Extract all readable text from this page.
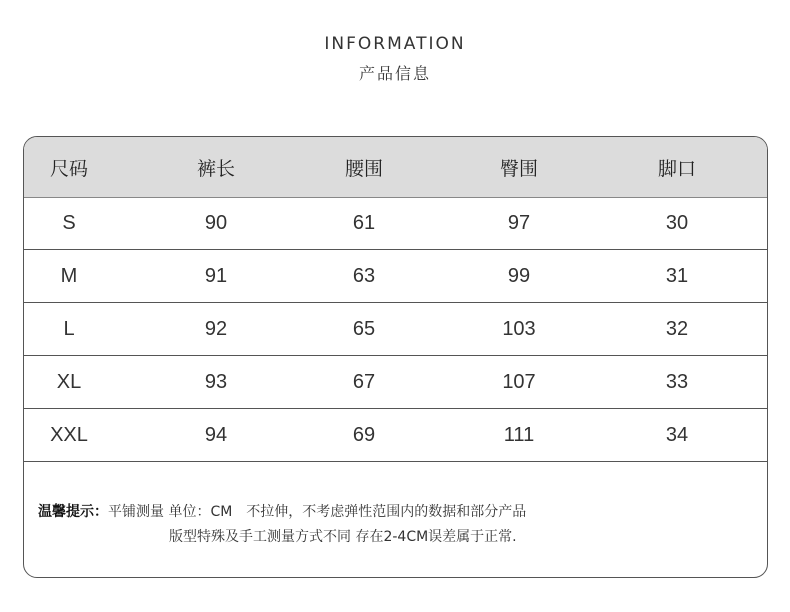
INFORMATION
产品信息
尺码	裤长	腰围	臀围	脚口
S	90	61	97	30
M	91	63	99	31
L	92	65	103	32
XL	93	67	107	33
XXL	94	69	111	34
温馨提示：平铺测量 单位：CM　不拉伸，不考虑弹性范围内的数据和部分产品
版型特殊及手工测量方式不同 存在2-4CM误差属于正常.
